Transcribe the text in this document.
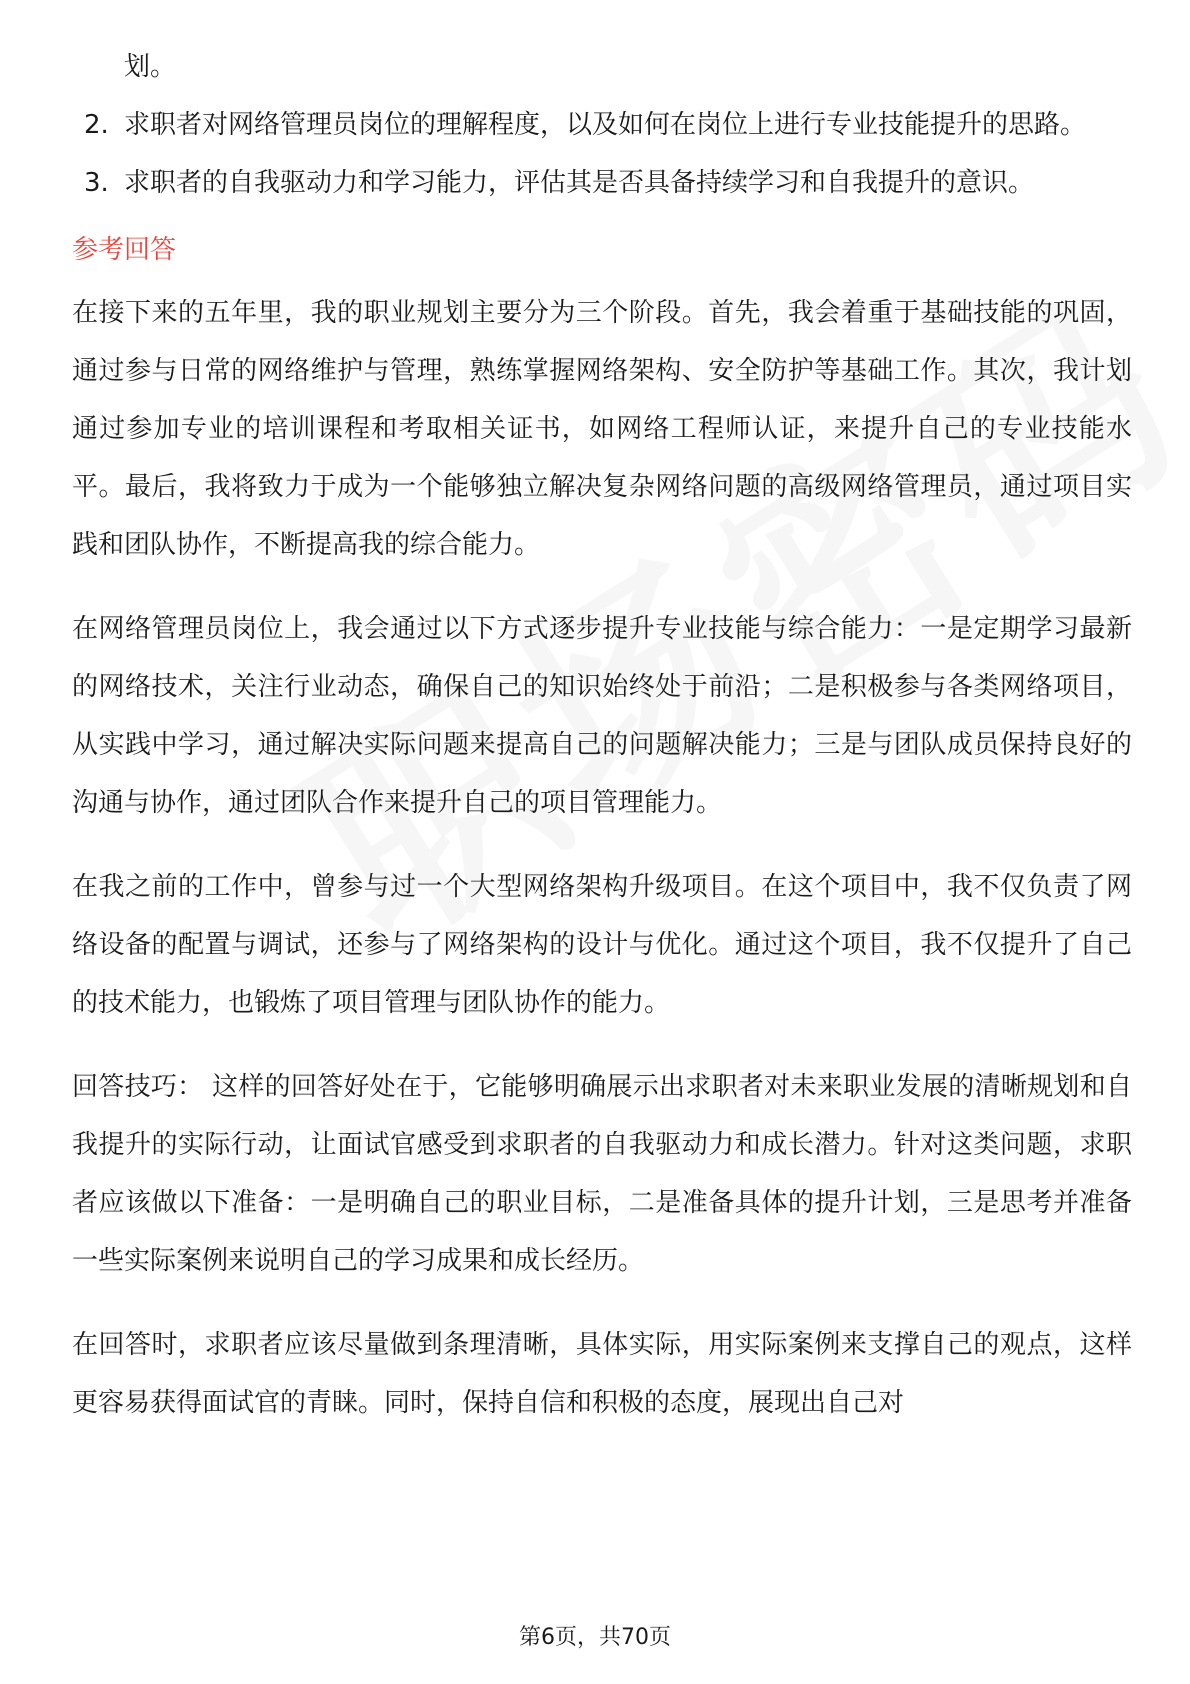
划。
2. 求职者对网络管理员岗位的理解程度，以及如何在岗位上进行专业技能提升的思路。
3. 求职者的自我驱动力和学习能力，评估其是否具备持续学习和自我提升的意识。
参考回答

在接下来的五年里，我的职业规划主要分为三个阶段。首先，我会着重于基础技能的巩固，通过参与日常的网络维护与管理，熟练掌握网络架构、安全防护等基础工作。其次，我计划通过参加专业的培训课程和考取相关证书，如网络工程师认证，来提升自己的专业技能水平。最后，我将致力于成为一个能够独立解决复杂网络问题的高级网络管理员，通过项目实践和团队协作，不断提高我的综合能力。

在网络管理员岗位上，我会通过以下方式逐步提升专业技能与综合能力：一是定期学习最新的网络技术，关注行业动态，确保自己的知识始终处于前沿；二是积极参与各类网络项目，从实践中学习，通过解决实际问题来提高自己的问题解决能力；三是与团队成员保持良好的沟通与协作，通过团队合作来提升自己的项目管理能力。

在我之前的工作中，曾参与过一个大型网络架构升级项目。在这个项目中，我不仅负责了网络设备的配置与调试，还参与了网络架构的设计与优化。通过这个项目，我不仅提升了自己的技术能力，也锻炼了项目管理与团队协作的能力。

回答技巧： 这样的回答好处在于，它能够明确展示出求职者对未来职业发展的清晰规划和自我提升的实际行动，让面试官感受到求职者的自我驱动力和成长潜力。针对这类问题，求职者应该做以下准备：一是明确自己的职业目标，二是准备具体的提升计划，三是思考并准备一些实际案例来说明自己的学习成果和成长经历。

在回答时，求职者应该尽量做到条理清晰，具体实际，用实际案例来支撑自己的观点，这样更容易获得面试官的青睐。同时，保持自信和积极的态度，展现出自己对

第6页，共70页
